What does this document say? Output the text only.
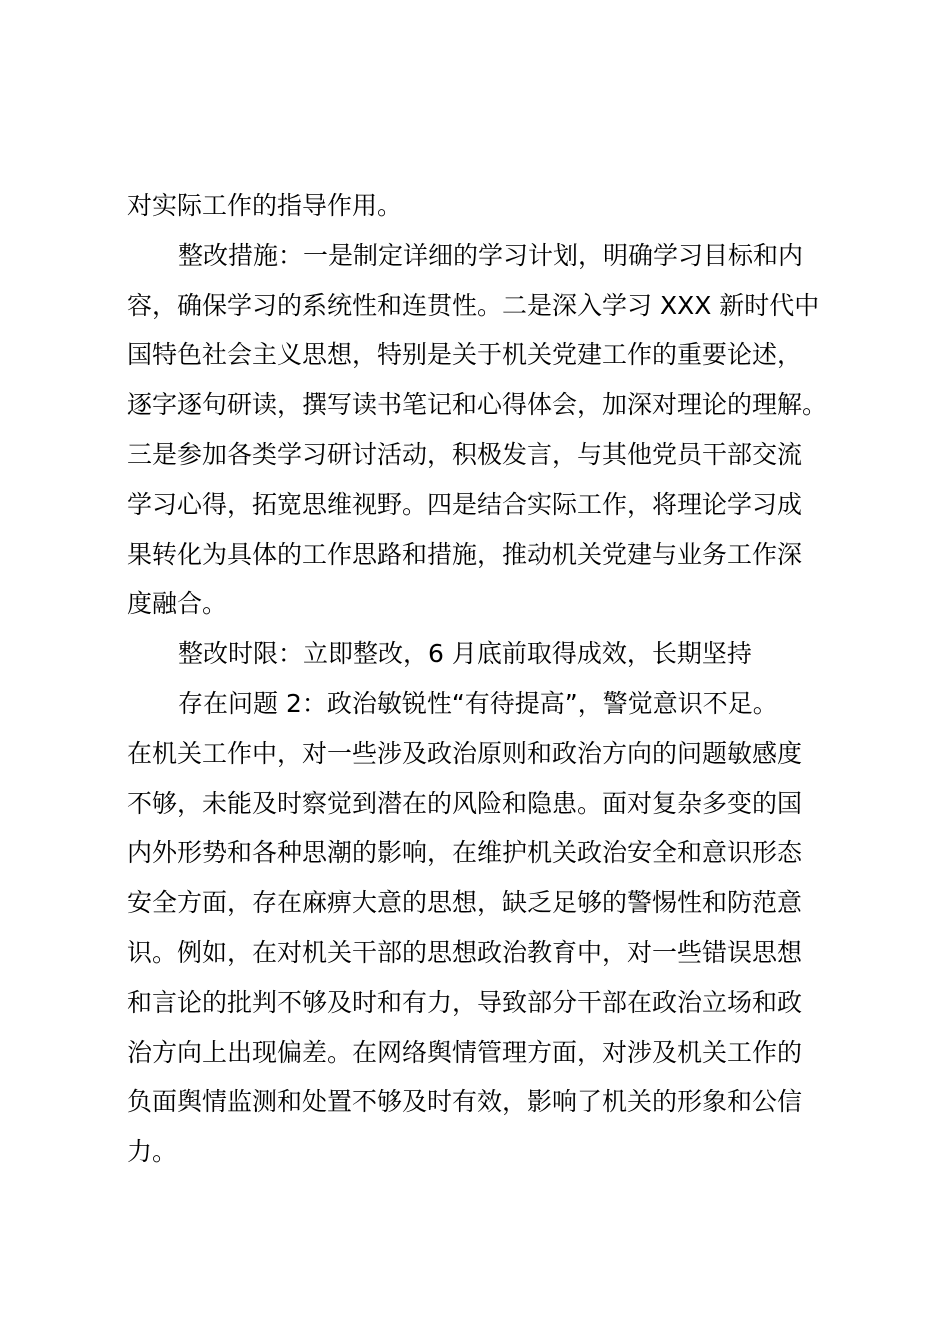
对实际工作的指导作用。
整改措施：一是制定详细的学习计划，明确学习目标和内
容，确保学习的系统性和连贯性。二是深入学习 XXX 新时代中
国特色社会主义思想，特别是关于机关党建工作的重要论述，
逐字逐句研读，撰写读书笔记和心得体会，加深对理论的理解。
三是参加各类学习研讨活动，积极发言，与其他党员干部交流
学习心得，拓宽思维视野。四是结合实际工作，将理论学习成
果转化为具体的工作思路和措施，推动机关党建与业务工作深
度融合。
整改时限：立即整改，6 月底前取得成效，长期坚持
存在问题 2：政治敏锐性“有待提高”，警觉意识不足。
在机关工作中，对一些涉及政治原则和政治方向的问题敏感度
不够，未能及时察觉到潜在的风险和隐患。面对复杂多变的国
内外形势和各种思潮的影响，在维护机关政治安全和意识形态
安全方面，存在麻痹大意的思想，缺乏足够的警惕性和防范意
识。例如，在对机关干部的思想政治教育中，对一些错误思想
和言论的批判不够及时和有力，导致部分干部在政治立场和政
治方向上出现偏差。在网络舆情管理方面，对涉及机关工作的
负面舆情监测和处置不够及时有效，影响了机关的形象和公信
力。
